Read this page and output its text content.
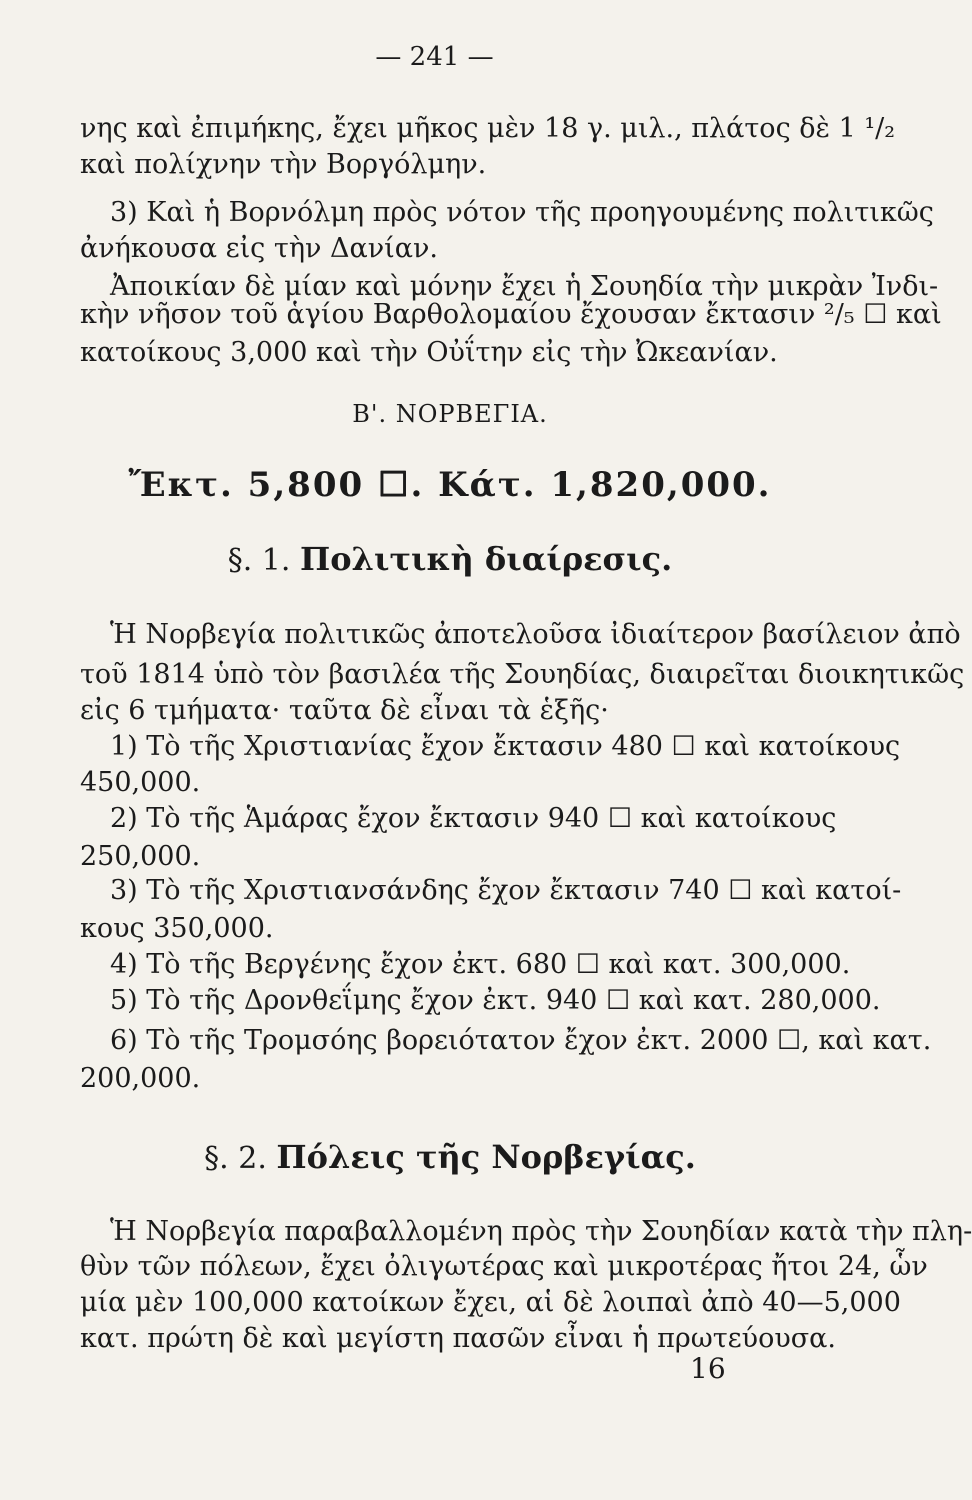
— 241 —
νης καὶ ἐπιμήκης, ἔχει μῆκος μὲν 18 γ. μιλ., πλάτος δὲ 1 ¹/₂
καὶ πολίχνην τὴν Βοργόλμην.
3) Καὶ ἡ Βορνόλμη πρὸς νότον τῆς προηγουμένης πολιτικῶς
ἀνήκουσα εἰς τὴν Δανίαν.
Ἀποικίαν δὲ μίαν καὶ μόνην ἔχει ἡ Σουηδία τὴν μικρὰν Ἰνδι-
κὴν νῆσον τοῦ ἁγίου Βαρθολομαίου ἔχουσαν ἔκτασιν ²/₅ ☐ καὶ
κατοίκους 3,000 καὶ τὴν Οὐΐτην εἰς τὴν Ὠκεανίαν.
Β'. ΝΟΡΒΕΓΙΑ.
Ἔκτ. 5,800 ☐. Κάτ. 1,820,000.
§. 1. Πολιτικὴ διαίρεσις.
Ἡ Νορβεγία πολιτικῶς ἀποτελοῦσα ἰδιαίτερον βασίλειον ἀπὸ
τοῦ 1814 ὑπὸ τὸν βασιλέα τῆς Σουηδίας, διαιρεῖται διοικητικῶς
εἰς 6 τμήματα· ταῦτα δὲ εἶναι τὰ ἑξῆς·
1) Τὸ τῆς Χριστιανίας ἔχον ἔκτασιν 480 ☐ καὶ κατοίκους
450,000.
2) Τὸ τῆς Ἁμάρας ἔχον ἔκτασιν 940 ☐ καὶ κατοίκους
250,000.
3) Τὸ τῆς Χριστιανσάνδης ἔχον ἔκτασιν 740 ☐ καὶ κατοί-
κους 350,000.
4) Τὸ τῆς Βεργένης ἔχον ἐκτ. 680 ☐ καὶ κατ. 300,000.
5) Τὸ τῆς Δρονθεΐμης ἔχον ἐκτ. 940 ☐ καὶ κατ. 280,000.
6) Τὸ τῆς Τρομσόης βορειότατον ἔχον ἐκτ. 2000 ☐, καὶ κατ.
200,000.
§. 2. Πόλεις τῆς Νορβεγίας.
Ἡ Νορβεγία παραβαλλομένη πρὸς τὴν Σουηδίαν κατὰ τὴν πλη-
θὺν τῶν πόλεων, ἔχει ὀλιγωτέρας καὶ μικροτέρας ἤτοι 24, ὧν
μία μὲν 100,000 κατοίκων ἔχει, αἱ δὲ λοιπαὶ ἀπὸ 40—5,000
κατ. πρώτη δὲ καὶ μεγίστη πασῶν εἶναι ἡ πρωτεύουσα.
16
